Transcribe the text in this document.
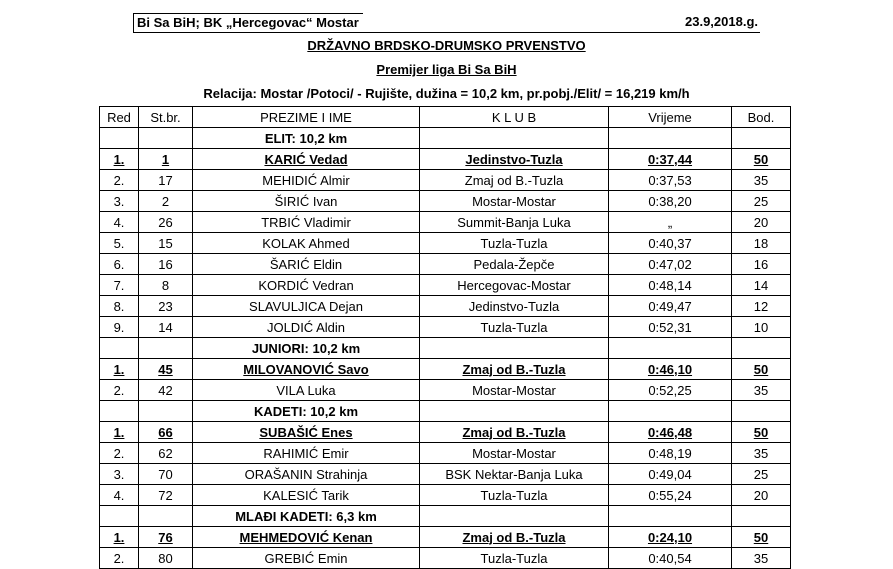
Bi Sa BiH; BK „Hercegovac“ Mostar	23.9,2018.g.
DRŽAVNO BRDSKO-DRUMSKO PRVENSTVO
Premijer liga Bi Sa BiH
Relacija: Mostar /Potoci/ - Rujište, dužina = 10,2 km, pr.pobj./Elit/ = 16,219 km/h
Red	St.br.	PREZIME I IME	K L U B	Vrijeme	Bod.
		ELIT: 10,2 km			
1.	1	KARIĆ Vedad	Jedinstvo-Tuzla	0:37,44	50
2.	17	MEHIDIĆ Almir	Zmaj od B.-Tuzla	0:37,53	35
3.	2	ŠIRIĆ Ivan	Mostar-Mostar	0:38,20	25
4.	26	TRBIĆ Vladimir	Summit-Banja Luka	„	20
5.	15	KOLAK Ahmed	Tuzla-Tuzla	0:40,37	18
6.	16	ŠARIĆ Eldin	Pedala-Žepče	0:47,02	16
7.	8	KORDIĆ Vedran	Hercegovac-Mostar	0:48,14	14
8.	23	SLAVULJICA Dejan	Jedinstvo-Tuzla	0:49,47	12
9.	14	JOLDIĆ Aldin	Tuzla-Tuzla	0:52,31	10
		JUNIORI: 10,2 km			
1.	45	MILOVANOVIĆ Savo	Zmaj od B.-Tuzla	0:46,10	50
2.	42	VILA Luka	Mostar-Mostar	0:52,25	35
		KADETI: 10,2 km			
1.	66	SUBAŠIĆ Enes	Zmaj od B.-Tuzla	0:46,48	50
2.	62	RAHIMIĆ Emir	Mostar-Mostar	0:48,19	35
3.	70	ORAŠANIN Strahinja	BSK Nektar-Banja Luka	0:49,04	25
4.	72	KALESIĆ Tarik	Tuzla-Tuzla	0:55,24	20
		MLAĐI KADETI: 6,3 km			
1.	76	MEHMEDOVIĆ Kenan	Zmaj od B.-Tuzla	0:24,10	50
2.	80	GREBIĆ Emin	Tuzla-Tuzla	0:40,54	35
